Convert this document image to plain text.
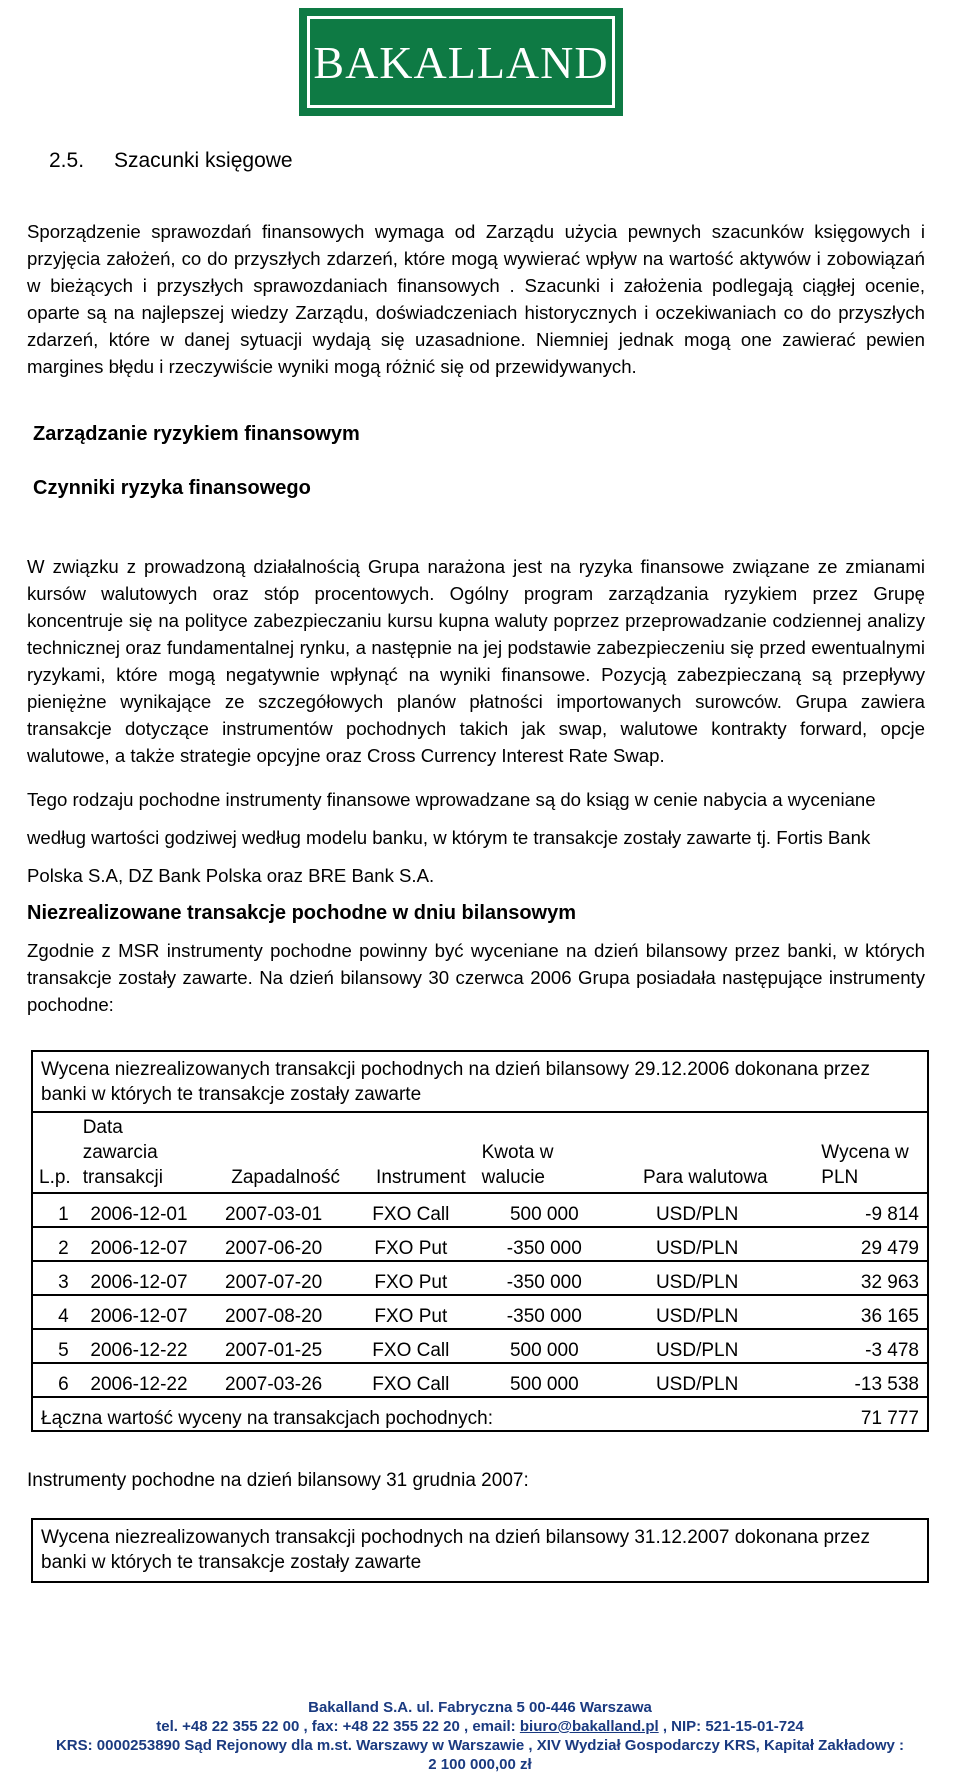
BAKALLAND
2.5. Szacunki księgowe
Sporządzenie sprawozdań finansowych wymaga od Zarządu użycia pewnych szacunków księgowych i przyjęcia założeń, co do przyszłych zdarzeń, które mogą wywierać wpływ na wartość aktywów i zobowiązań w bieżących i przyszłych sprawozdaniach finansowych . Szacunki i założenia podlegają ciągłej ocenie, oparte są na najlepszej wiedzy Zarządu, doświadczeniach historycznych i oczekiwaniach co do przyszłych zdarzeń, które w danej sytuacji wydają się uzasadnione. Niemniej jednak mogą one zawierać pewien margines błędu i rzeczywiście wyniki mogą różnić się od przewidywanych.
Zarządzanie ryzykiem finansowym
Czynniki ryzyka finansowego
W związku z prowadzoną działalnością Grupa narażona jest na ryzyka finansowe związane ze zmianami kursów walutowych oraz stóp procentowych. Ogólny program zarządzania ryzykiem przez Grupę koncentruje się na polityce zabezpieczaniu kursu kupna waluty poprzez przeprowadzanie codziennej analizy technicznej oraz fundamentalnej rynku, a następnie na jej podstawie zabezpieczeniu się przed ewentualnymi ryzykami, które mogą negatywnie wpłynąć na wyniki finansowe. Pozycją zabezpieczaną są przepływy pieniężne wynikające ze szczegółowych planów płatności importowanych surowców. Grupa zawiera transakcje dotyczące instrumentów pochodnych takich jak swap, walutowe kontrakty forward, opcje walutowe, a także strategie opcyjne oraz Cross Currency Interest Rate Swap.
Tego rodzaju pochodne instrumenty finansowe wprowadzane są do ksiąg w cenie nabycia a wyceniane według wartości godziwej według modelu banku, w którym te transakcje zostały zawarte tj. Fortis Bank Polska S.A, DZ Bank Polska oraz BRE Bank S.A.
Niezrealizowane transakcje pochodne w dniu bilansowym
Zgodnie z MSR instrumenty pochodne powinny być wyceniane na dzień bilansowy przez banki, w których transakcje zostały zawarte. Na dzień bilansowy 30 czerwca 2006 Grupa posiadała następujące instrumenty pochodne:
Wycena niezrealizowanych transakcji pochodnych na dzień bilansowy 29.12.2006 dokonana przez banki w których te transakcje zostały zawarte						
L.p.	Data zawarcia transakcji	Zapadalność	Instrument	Kwota w walucie	Para walutowa	Wycena w PLN
1	2006-12-01	2007-03-01	FXO Call	500 000	USD/PLN	-9 814
2	2006-12-07	2007-06-20	FXO Put	-350 000	USD/PLN	29 479
3	2006-12-07	2007-07-20	FXO Put	-350 000	USD/PLN	32 963
4	2006-12-07	2007-08-20	FXO Put	-350 000	USD/PLN	36 165
5	2006-12-22	2007-01-25	FXO Call	500 000	USD/PLN	-3 478
6	2006-12-22	2007-03-26	FXO Call	500 000	USD/PLN	-13 538
Łączna wartość wyceny na transakcjach pochodnych:						71 777
Instrumenty pochodne na dzień bilansowy 31 grudnia 2007:
Wycena niezrealizowanych transakcji pochodnych na dzień bilansowy 31.12.2007 dokonana przez banki w których te transakcje zostały zawarte
Bakalland S.A. ul. Fabryczna 5 00-446 Warszawa
tel. +48 22 355 22 00 , fax: +48 22 355 22 20 , email: biuro@bakalland.pl , NIP: 521-15-01-724
KRS: 0000253890 Sąd Rejonowy dla m.st. Warszawy w Warszawie , XIV Wydział Gospodarczy KRS, Kapitał Zakładowy :
2 100 000,00 zł
